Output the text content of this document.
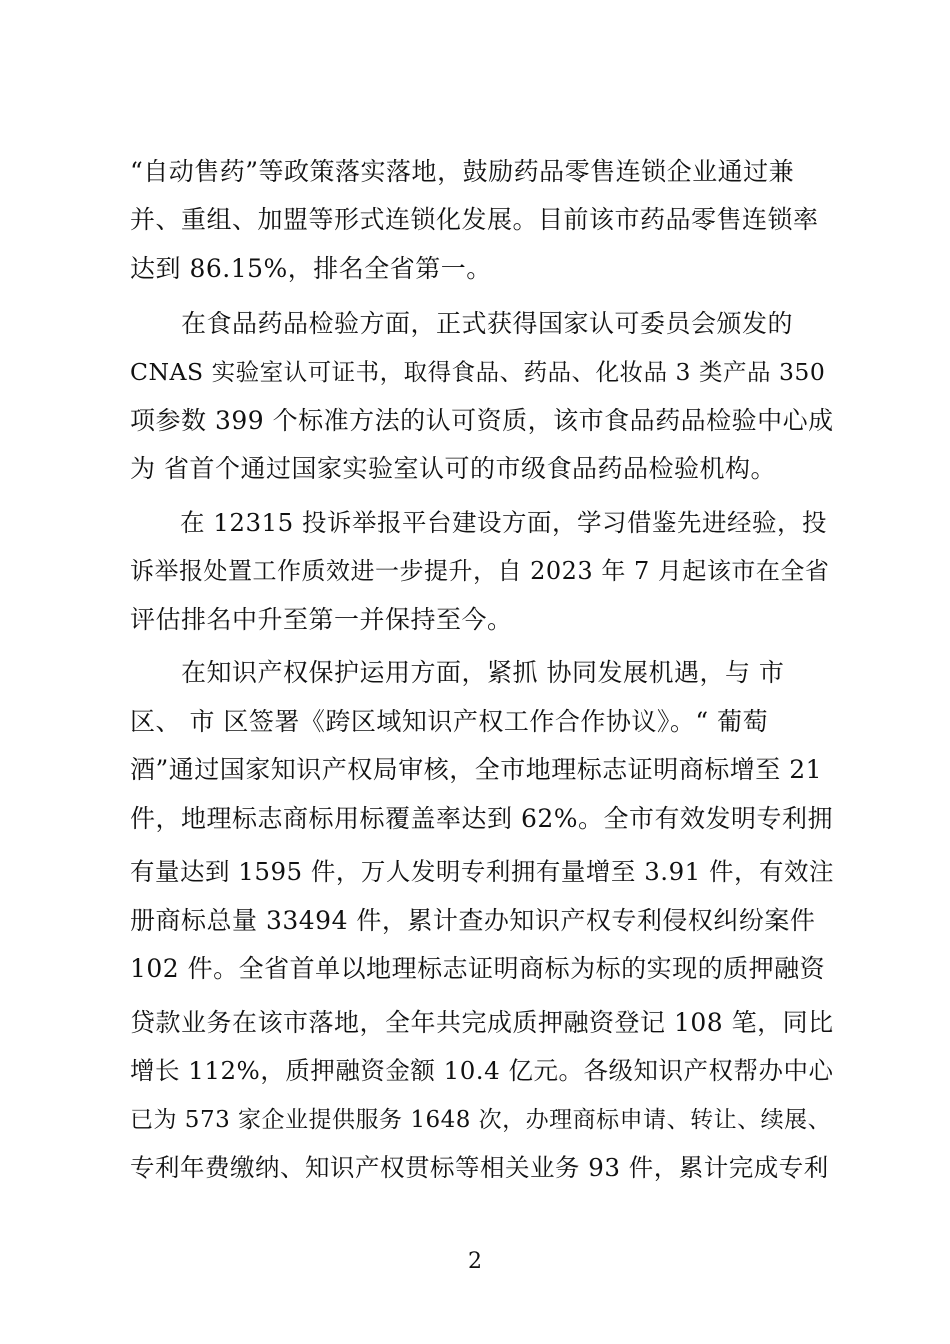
“自动售药”等政策落实落地，鼓励药品零售连锁企业通过兼
并、重组、加盟等形式连锁化发展。目前该市药品零售连锁率
达到 86.15%，排名全省第一。
　　在食品药品检验方面，正式获得国家认可委员会颁发的
CNAS 实验室认可证书，取得食品、药品、化妆品 3 类产品 350
项参数 399 个标准方法的认可资质，该市食品药品检验中心成
为 省首个通过国家实验室认可的市级食品药品检验机构。
　　在 12315 投诉举报平台建设方面，学习借鉴先进经验，投
诉举报处置工作质效进一步提升，自 2023 年 7 月起该市在全省
评估排名中升至第一并保持至今。
　　在知识产权保护运用方面，紧抓 协同发展机遇，与 市
区、 市 区签署《跨区域知识产权工作合作协议》。“ 葡萄
酒”通过国家知识产权局审核，全市地理标志证明商标增至 21
件，地理标志商标用标覆盖率达到 62%。全市有效发明专利拥
有量达到 1595 件，万人发明专利拥有量增至 3.91 件，有效注
册商标总量 33494 件，累计查办知识产权专利侵权纠纷案件
102 件。全省首单以地理标志证明商标为标的实现的质押融资
贷款业务在该市落地，全年共完成质押融资登记 108 笔，同比
增长 112%，质押融资金额 10.4 亿元。各级知识产权帮办中心
已为 573 家企业提供服务 1648 次，办理商标申请、转让、续展、
专利年费缴纳、知识产权贯标等相关业务 93 件，累计完成专利
2
